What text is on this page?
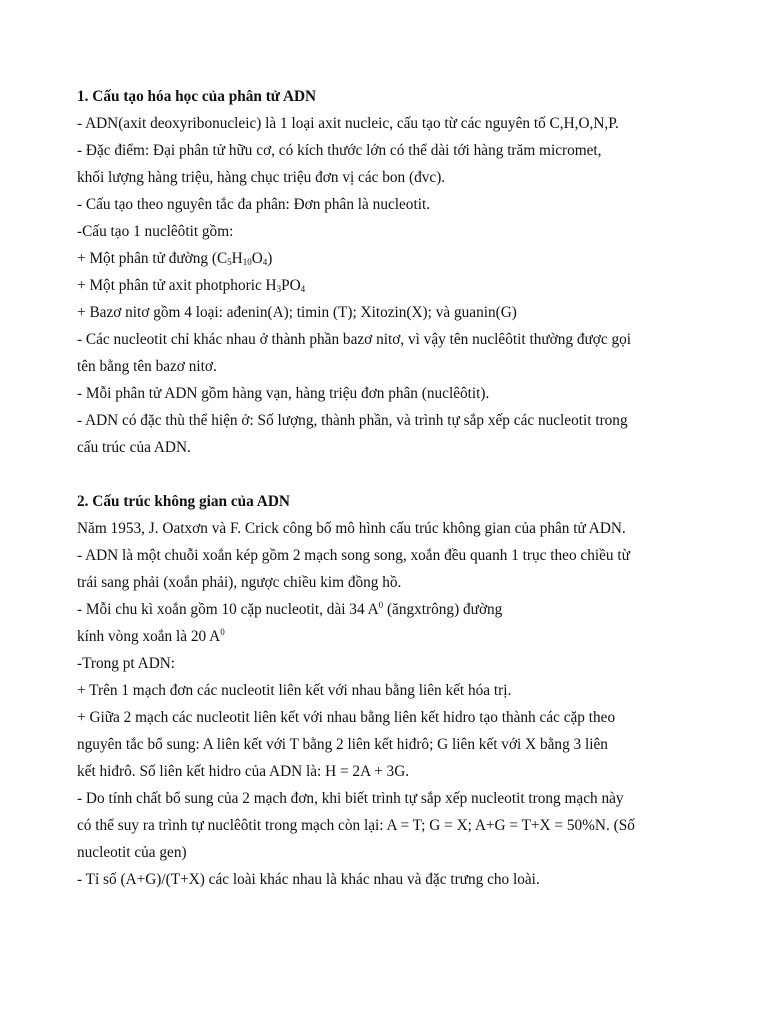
1. Cấu tạo hóa học của phân tử ADN
- ADN(axit deoxyribonucleic) là 1 loại axit nucleic, cấu tạo từ các nguyên tố C,H,O,N,P.
- Đặc điểm: Đại phân tử hữu cơ, có kích thước lớn có thể dài tới hàng trăm micromet,
khối lượng hàng triệu, hàng chục triệu đơn vị các bon (đvc).
- Cấu tạo theo nguyên tắc đa phân: Đơn phân là nucleotit.
-Cấu tạo 1 nuclêôtit gồm:
+ Một phân tử đường $(C_5H_{10}O_4)$
+ Một phân tử axit photphoric $H_3PO_4$
+ Bazơ nitơ gồm 4 loại: ađenin(A); timin (T); Xitozin(X); và guanin(G)
- Các nucleotit chỉ khác nhau ở thành phần bazơ nitơ, vì vậy tên nuclêôtit thường được gọi
tên bằng tên bazơ nitơ.
- Mỗi phân tử ADN gồm hàng vạn, hàng triệu đơn phân (nuclêôtit).
- ADN có đặc thù thể hiện ở: Số lượng, thành phần, và trình tự sắp xếp các nucleotit trong
cấu trúc của ADN.
2. Cấu trúc không gian của ADN
Năm 1953, J. Oatxơn và F. Crick công bố mô hình cấu trúc không gian của phân tử ADN.
- ADN là một chuỗi xoắn kép gồm 2 mạch song song, xoắn đều quanh 1 trục theo chiều từ
trái sang phải (xoắn phải), ngược chiều kim đồng hồ.
- Mỗi chu kì xoắn gồm 10 cặp nucleotit, dài 34 $A^0$ (ăngxtrông) đường
kính vòng xoắn là 20 $A^0$
-Trong pt ADN:
+ Trên 1 mạch đơn các nucleotit liên kết với nhau bằng liên kết hóa trị.
+ Giữa 2 mạch các nucleotit liên kết với nhau bằng liên kết hidro tạo thành các cặp theo
nguyên tắc bổ sung: A liên kết với T bằng 2 liên kết hiđrô; G liên kết với X bằng 3 liên
kết hiđrô. Số liên kết hidro của ADN là: H = 2A + 3G.
- Do tính chất bổ sung của 2 mạch đơn, khi biết trình tự sắp xếp nucleotit trong mạch này
có thể suy ra trình tự nuclêôtit trong mạch còn lại: A = T; G = X; A+G = T+X = 50%N. (Số
nucleotit của gen)
- Tỉ số (A+G)/(T+X) các loài khác nhau là khác nhau và đặc trưng cho loài.
